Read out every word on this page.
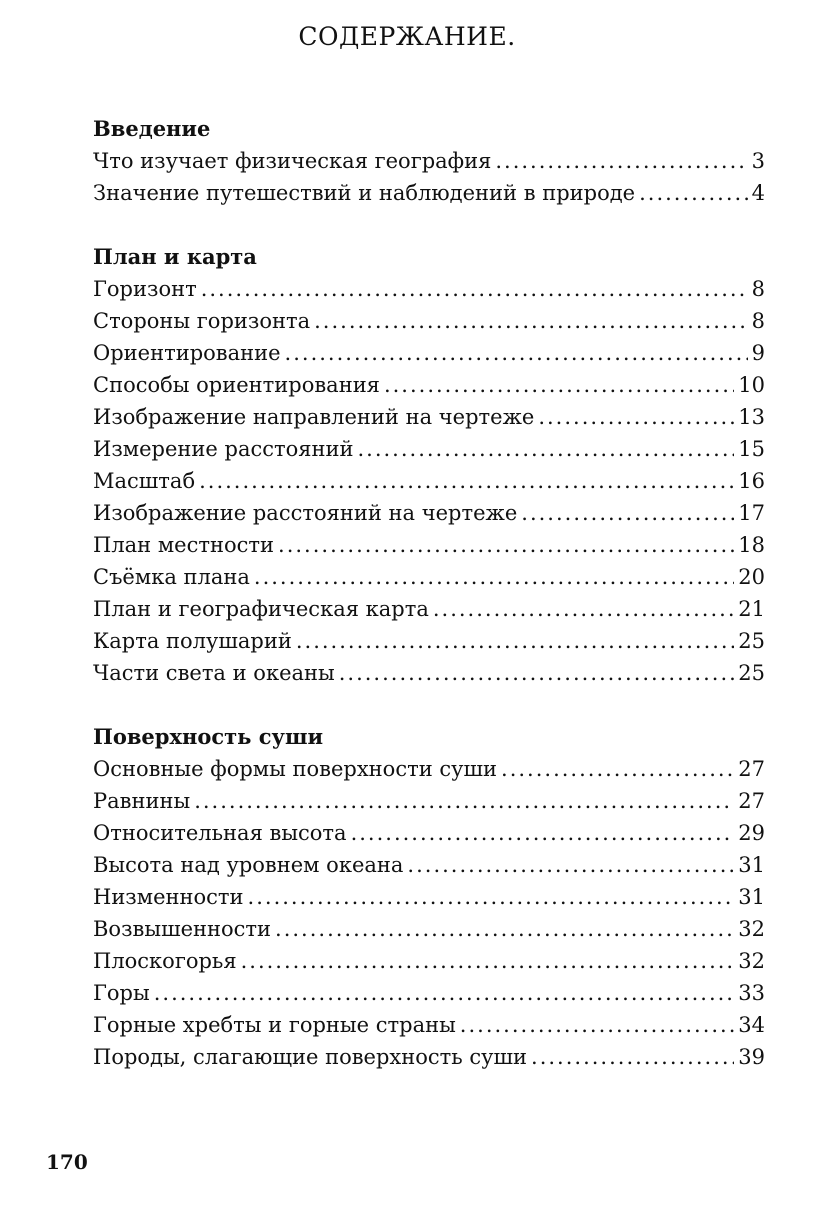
СОДЕРЖАНИЕ.
Введение
Что изучает физическая география .....	3
Значение путешествий и наблюдений в природе .....	4
План и карта
Горизонт .....	8
Стороны горизонта .....	8
Ориентирование .....	9
Способы ориентирования .....	10
Изображение направлений на чертеже .....	13
Измерение расстояний .....	15
Масштаб .....	16
Изображение расстояний на чертеже .....	17
План местности .....	18
Съёмка плана .....	20
План и географическая карта .....	21
Карта полушарий .....	25
Части света и океаны .....	25
Поверхность суши
Основные формы поверхности суши .....	27
Равнины .....	27
Относительная высота .....	29
Высота над уровнем океана .....	31
Низменности .....	31
Возвышенности .....	32
Плоскогорья .....	32
Горы .....	33
Горные хребты и горные страны .....	34
Породы, слагающие поверхность суши .....	39
170
